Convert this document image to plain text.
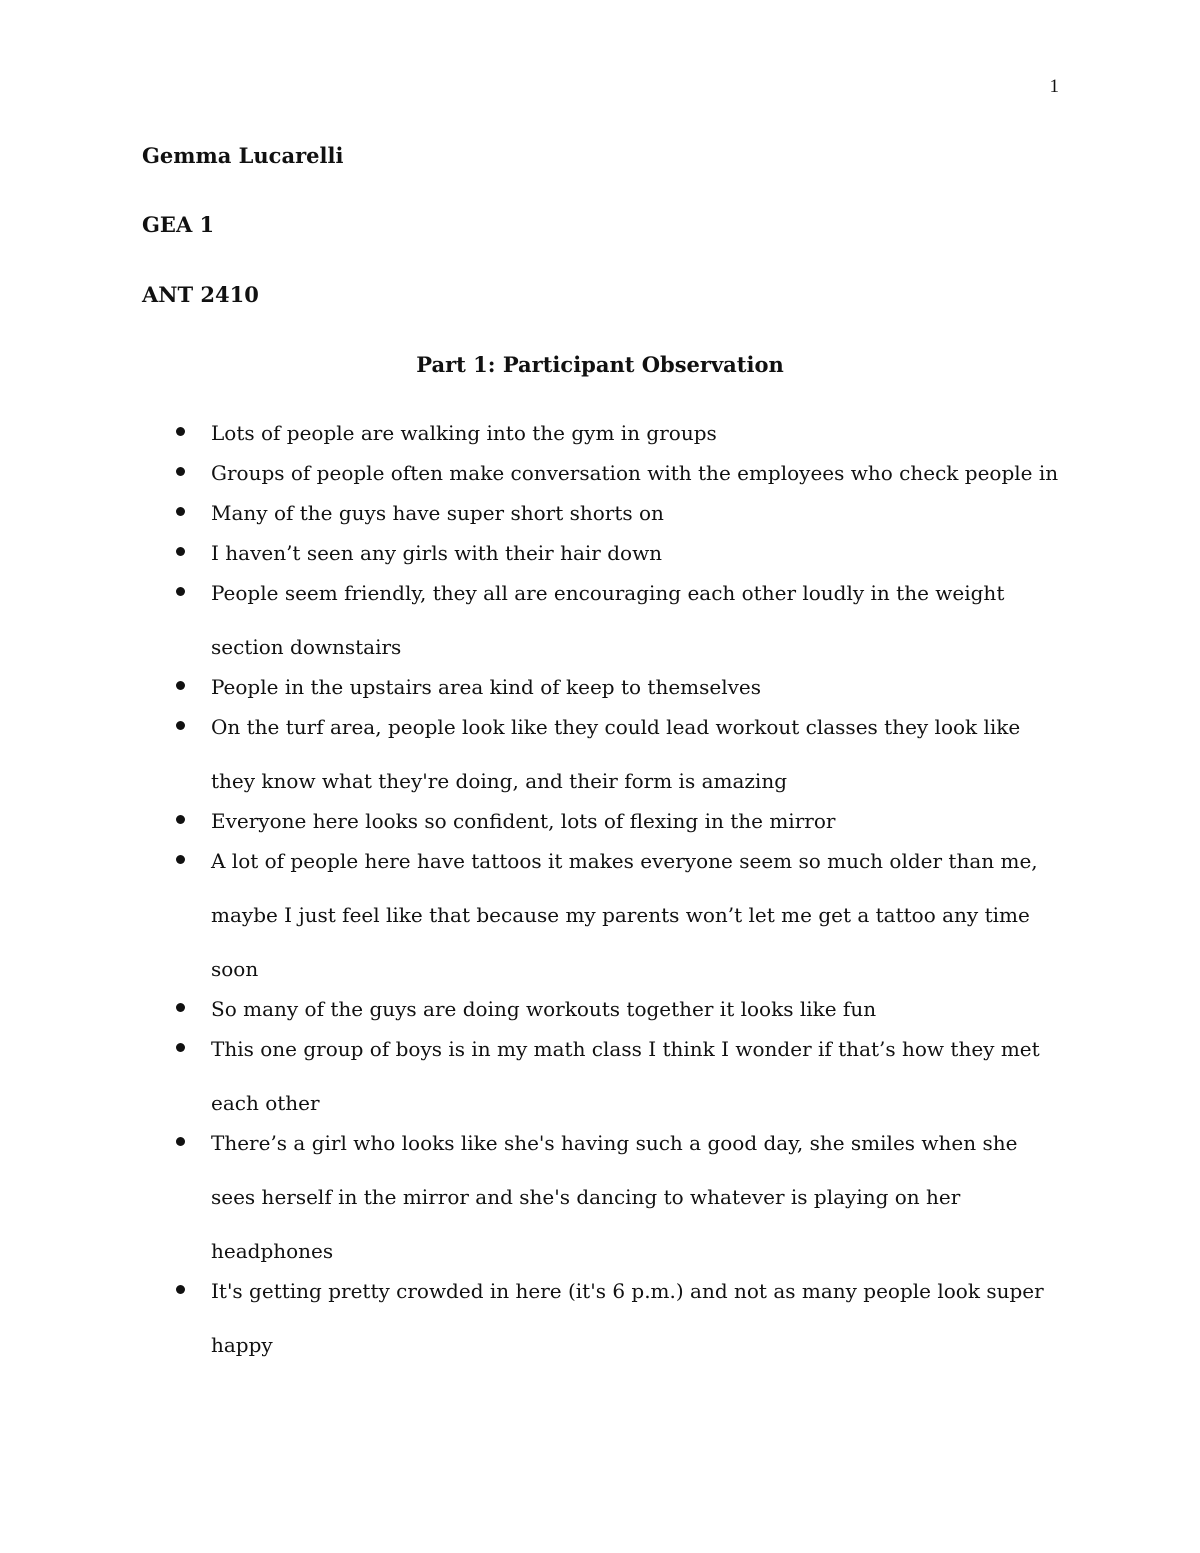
1
Gemma Lucarelli
GEA 1
ANT 2410
Part 1: Participant Observation
Lots of people are walking into the gym in groups
Groups of people often make conversation with the employees who check people in
Many of the guys have super short shorts on
I haven’t seen any girls with their hair down
People seem friendly, they all are encouraging each other loudly in the weight section downstairs
People in the upstairs area kind of keep to themselves
On the turf area, people look like they could lead workout classes they look like they know what they're doing, and their form is amazing
Everyone here looks so confident, lots of flexing in the mirror
A lot of people here have tattoos it makes everyone seem so much older than me, maybe I just feel like that because my parents won’t let me get a tattoo any time soon
So many of the guys are doing workouts together it looks like fun
This one group of boys is in my math class I think I wonder if that’s how they met each other
There’s a girl who looks like she's having such a good day, she smiles when she sees herself in the mirror and she's dancing to whatever is playing on her headphones
It's getting pretty crowded in here (it's 6 p.m.) and not as many people look super happy
